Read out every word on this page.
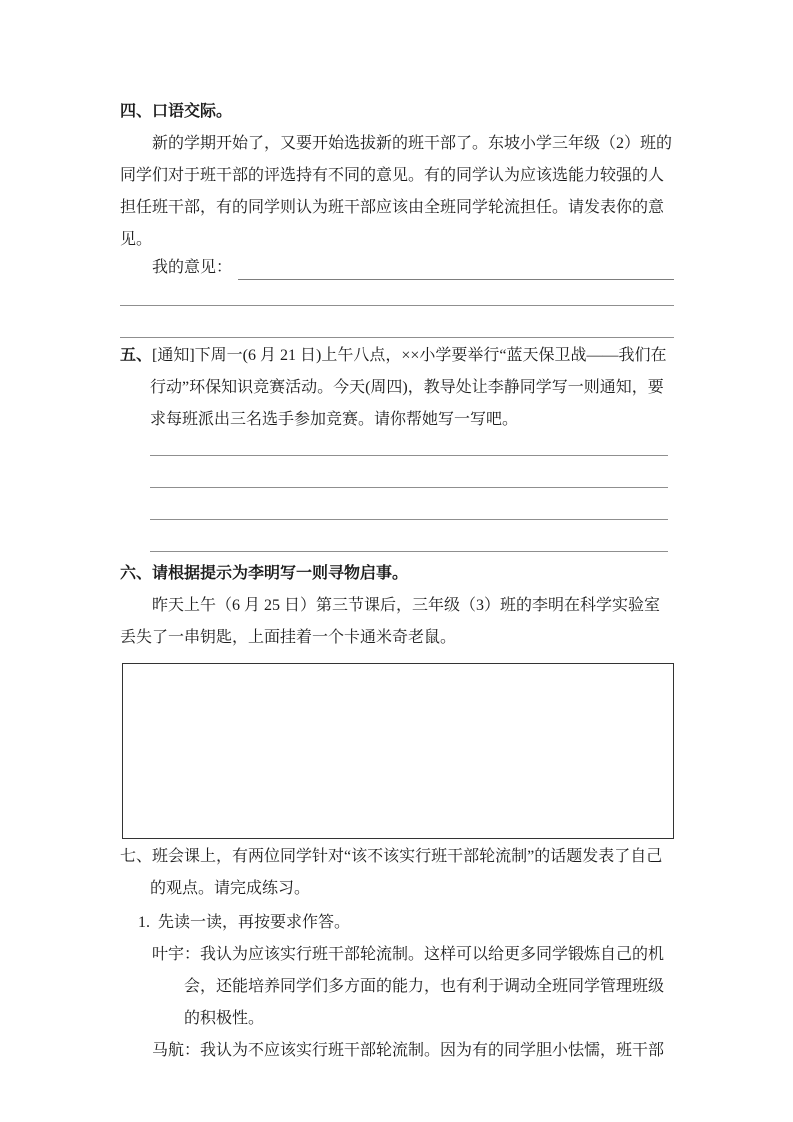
四、口语交际。
新的学期开始了，又要开始选拔新的班干部了。东坡小学三年级（2）班的同学们对于班干部的评选持有不同的意见。有的同学认为应该选能力较强的人担任班干部，有的同学则认为班干部应该由全班同学轮流担任。请发表你的意见。
我的意见：
五、[通知]下周一(6 月 21 日)上午八点，××小学要举行“蓝天保卫战——我们在行动”环保知识竞赛活动。今天(周四)，教导处让李静同学写一则通知，要求每班派出三名选手参加竞赛。请你帮她写一写吧。
六、请根据提示为李明写一则寻物启事。
昨天上午（6 月 25 日）第三节课后，三年级（3）班的李明在科学实验室丢失了一串钥匙，上面挂着一个卡通米奇老鼠。
七、班会课上，有两位同学针对“该不该实行班干部轮流制”的话题发表了自己的观点。请完成练习。
1. 先读一读，再按要求作答。
叶宇：我认为应该实行班干部轮流制。这样可以给更多同学锻炼自己的机会，还能培养同学们多方面的能力，也有利于调动全班同学管理班级的积极性。
马航：我认为不应该实行班干部轮流制。因为有的同学胆小怯懦，班干部
